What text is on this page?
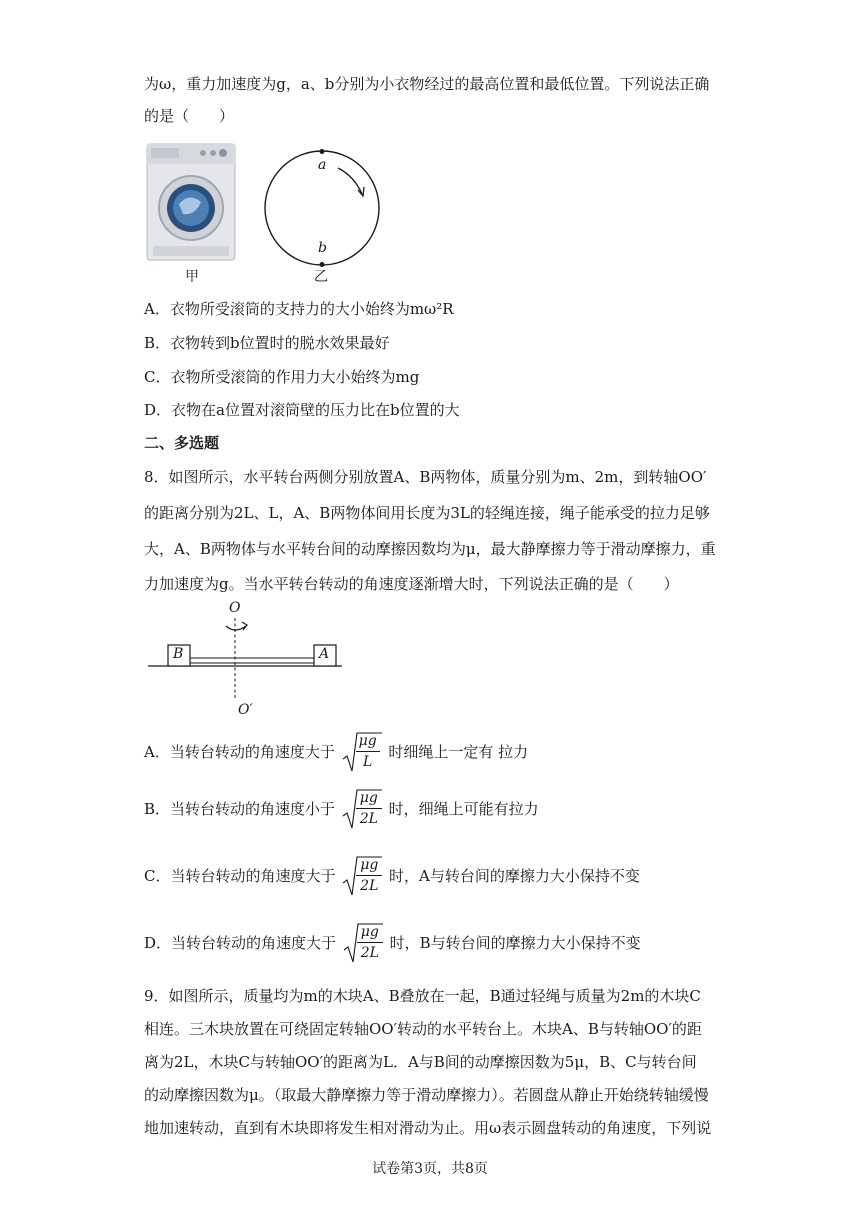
为ω，重力加速度为g，a、b分别为小衣物经过的最高位置和最低位置。下列说法正确
的是（　　）
甲
a
b
乙
A．衣物所受滚筒的支持力的大小始终为mω²R
B．衣物转到b位置时的脱水效果最好
C．衣物所受滚筒的作用力大小始终为mg
D．衣物在a位置对滚筒壁的压力比在b位置的大
二、多选题
8．如图所示，水平转台两侧分别放置A、B两物体，质量分别为m、2m，到转轴OO′
的距离分别为2L、L，A、B两物体间用长度为3L的轻绳连接，绳子能承受的拉力足够
大，A、B两物体与水平转台间的动摩擦因数均为μ，最大静摩擦力等于滑动摩擦力，重
力加速度为g。当水平转台转动的角速度逐渐增大时，下列说法正确的是（　　）
O
O′
B	A
A．当转台转动的角速度大于 $\frac{\mu g}{L}$ 时细绳上一定有 拉力
B．当转台转动的角速度小于 $\frac{\mu g}{2L}$ 时，细绳上可能有拉力
C．当转台转动的角速度大于 $\frac{\mu g}{2L}$ 时，A与转台间的摩擦力大小保持不变
D．当转台转动的角速度大于 $\frac{\mu g}{2L}$ 时，B与转台间的摩擦力大小保持不变
9．如图所示，质量均为m的木块A、B叠放在一起，B通过轻绳与质量为2m的木块C
相连。三木块放置在可绕固定转轴OO′转动的水平转台上。木块A、B与转轴OO′的距
离为2L，木块C与转轴OO′的距离为L．A与B间的动摩擦因数为5μ，B、C与转台间
的动摩擦因数为μ。（取最大静摩擦力等于滑动摩擦力）。若圆盘从静止开始绕转轴缓慢
地加速转动，直到有木块即将发生相对滑动为止。用ω表示圆盘转动的角速度，下列说
试卷第3页，共8页
